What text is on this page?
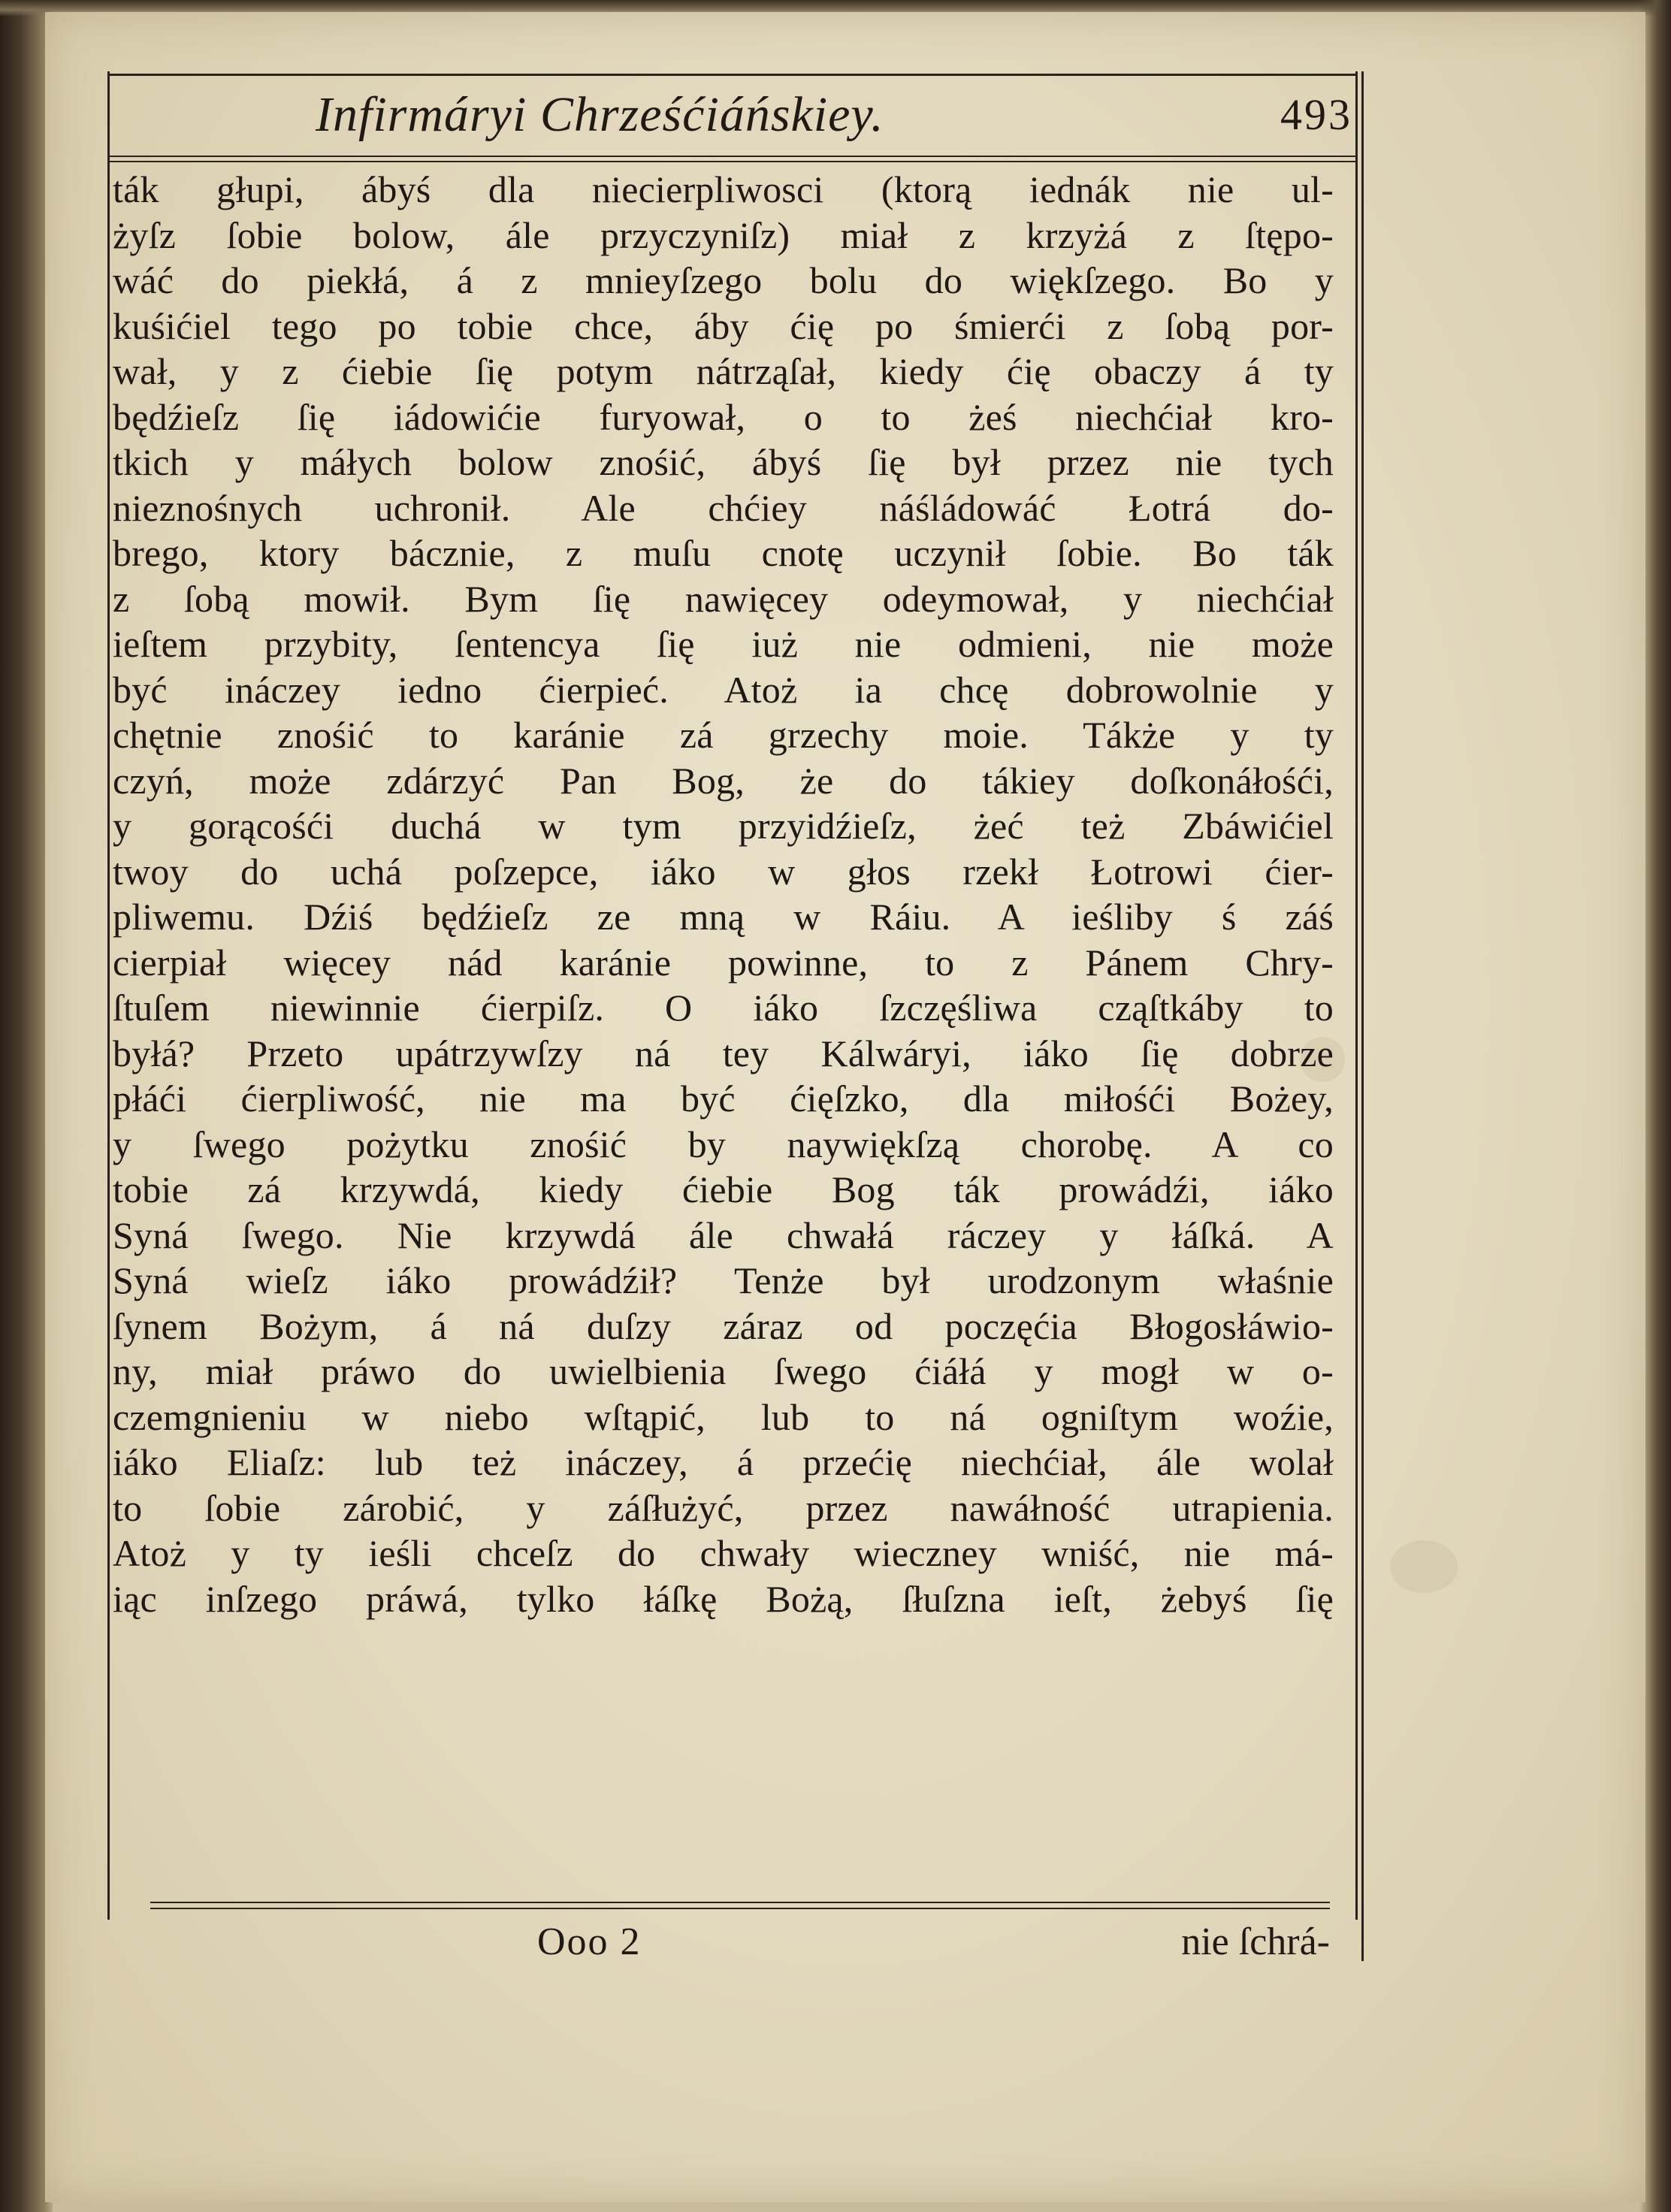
Infirmáryi Chrześćiáńskiey.	493
ták głupi, ábyś dla niecierpliwosci (ktorą iednák nie ul-
żyſz ſobie bolow, ále przyczyniſz) miał z krzyżá z ſtępo-
wáć do piekłá, á z mnieyſzego bolu do więkſzego. Bo y
kuśićiel tego po tobie chce, áby ćię po śmierći z ſobą por-
wał, y z ćiebie ſię potym nátrząſał, kiedy ćię obaczy á ty
będźieſz ſię iádowićie furyował, o to żeś niechćiał kro-
tkich y máłych bolow znośić, ábyś ſię był przez nie tych
nieznośnych uchronił. Ale chćiey náśládowáć Łotrá do-
brego, ktory bácznie, z muſu cnotę uczynił ſobie. Bo ták
z ſobą mowił. Bym ſię nawięcey odeymował, y niechćiał
ieſtem przybity, ſentencya ſię iuż nie odmieni, nie może
być ináczey iedno ćierpieć. Atoż ia chcę dobrowolnie y
chętnie znośić to karánie zá grzechy moie. Tákże y ty
czyń, może zdárzyć Pan Bog, że do tákiey doſkonáłośći,
y gorącośći duchá w tym przyidźieſz, żeć też Zbáwićiel
twoy do uchá poſzepce, iáko w głos rzekł Łotrowi ćier-
pliwemu. Dźiś będźieſz ze mną w Ráiu. A ieśliby ś záś
cierpiał więcey nád karánie powinne, to z Pánem Chry-
ſtuſem niewinnie ćierpiſz. O iáko ſzczęśliwa cząſtkáby to
byłá? Przeto upátrzywſzy ná tey Kálwáryi, iáko ſię dobrze
płáći ćierpliwość, nie ma być ćięſzko, dla miłośći Bożey,
y ſwego pożytku znośić by naywiękſzą chorobę. A co
tobie zá krzywdá, kiedy ćiebie Bog ták prowádźi, iáko
Syná ſwego. Nie krzywdá ále chwałá ráczey y łáſká. A
Syná wieſz iáko prowádźił? Tenże był urodzonym właśnie
ſynem Bożym, á ná duſzy záraz od poczęćia Błogosłáwio-
ny, miał práwo do uwielbienia ſwego ćiáłá y mogł w o-
czemgnieniu w niebo wſtąpić, lub to ná ogniſtym woźie,
iáko Eliaſz: lub też ináczey, á przećię niechćiał, ále wolał
to ſobie zárobić, y záſłużyć, przez nawáłność utrapienia.
Atoż y ty ieśli chceſz do chwały wieczney wniść, nie má-
iąc inſzego práwá, tylko łáſkę Bożą, ſłuſzna ieſt, żebyś ſię
Ooo 2	nie ſchrá-
